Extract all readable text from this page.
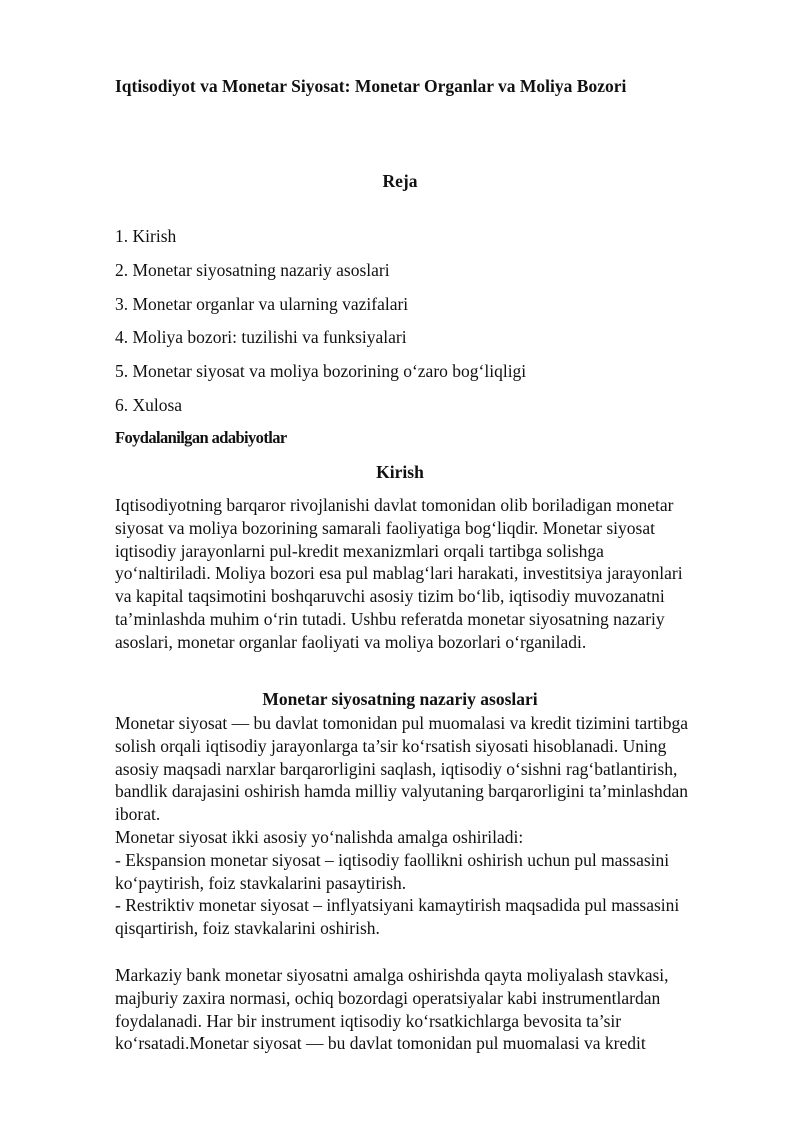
Iqtisodiyot va Monetar Siyosat: Monetar Organlar va Moliya Bozori
Reja
1. Kirish
2. Monetar siyosatning nazariy asoslari
3. Monetar organlar va ularning vazifalari
4. Moliya bozori: tuzilishi va funksiyalari
5. Monetar siyosat va moliya bozorining o‘zaro bog‘liqligi
6. Xulosa
Foydalanilgan adabiyotlar
Kirish

Iqtisodiyotning barqaror rivojlanishi davlat tomonidan olib boriladigan monetar
siyosat va moliya bozorining samarali faoliyatiga bog‘liqdir. Monetar siyosat
iqtisodiy jarayonlarni pul-kredit mexanizmlari orqali tartibga solishga
yo‘naltiriladi. Moliya bozori esa pul mablag‘lari harakati, investitsiya jarayonlari
va kapital taqsimotini boshqaruvchi asosiy tizim bo‘lib, iqtisodiy muvozanatni
ta’minlashda muhim o‘rin tutadi. Ushbu referatda monetar siyosatning nazariy
asoslari, monetar organlar faoliyati va moliya bozorlari o‘rganiladi.

Monetar siyosatning nazariy asoslari

Monetar siyosat — bu davlat tomonidan pul muomalasi va kredit tizimini tartibga
solish orqali iqtisodiy jarayonlarga ta’sir ko‘rsatish siyosati hisoblanadi. Uning
asosiy maqsadi narxlar barqarorligini saqlash, iqtisodiy o‘sishni rag‘batlantirish,
bandlik darajasini oshirish hamda milliy valyutaning barqarorligini ta’minlashdan
iborat.
Monetar siyosat ikki asosiy yo‘nalishda amalga oshiriladi:
- Ekspansion monetar siyosat – iqtisodiy faollikni oshirish uchun pul massasini
ko‘paytirish, foiz stavkalarini pasaytirish.
- Restriktiv monetar siyosat – inflyatsiyani kamaytirish maqsadida pul massasini
qisqartirish, foiz stavkalarini oshirish.

Markaziy bank monetar siyosatni amalga oshirishda qayta moliyalash stavkasi,
majburiy zaxira normasi, ochiq bozordagi operatsiyalar kabi instrumentlardan
foydalanadi. Har bir instrument iqtisodiy ko‘rsatkichlarga bevosita ta’sir
ko‘rsatadi.Monetar siyosat — bu davlat tomonidan pul muomalasi va kredit
